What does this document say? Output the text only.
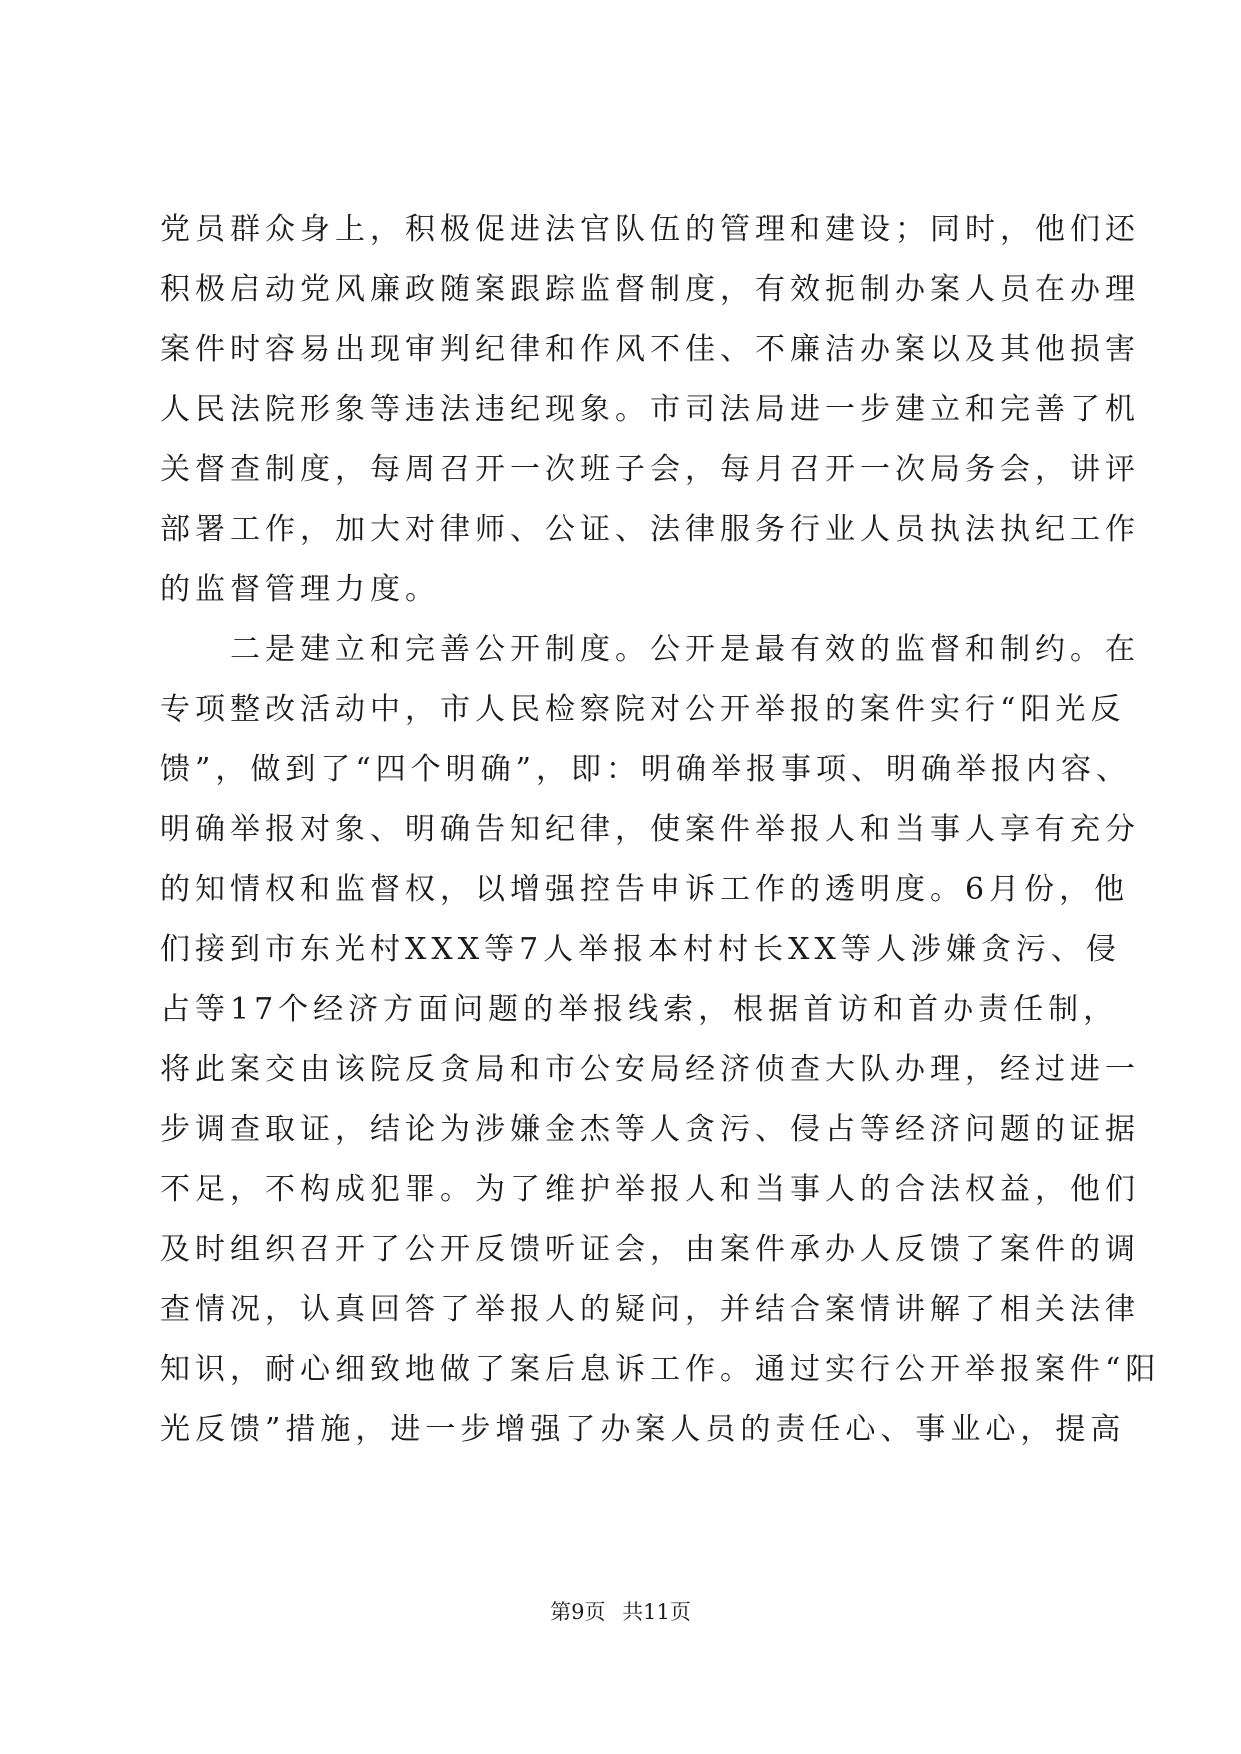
党员群众身上，积极促进法官队伍的管理和建设；同时，他们还
积极启动党风廉政随案跟踪监督制度，有效扼制办案人员在办理
案件时容易出现审判纪律和作风不佳、不廉洁办案以及其他损害
人民法院形象等违法违纪现象。市司法局进一步建立和完善了机
关督查制度，每周召开一次班子会，每月召开一次局务会，讲评
部署工作，加大对律师、公证、法律服务行业人员执法执纪工作
的监督管理力度。
　　二是建立和完善公开制度。公开是最有效的监督和制约。在
专项整改活动中，市人民检察院对公开举报的案件实行“阳光反
馈”，做到了“四个明确”，即：明确举报事项、明确举报内容、
明确举报对象、明确告知纪律，使案件举报人和当事人享有充分
的知情权和监督权，以增强控告申诉工作的透明度。6月份，他
们接到市东光村XXX等7人举报本村村长XX等人涉嫌贪污、侵
占等17个经济方面问题的举报线索，根据首访和首办责任制，
将此案交由该院反贪局和市公安局经济侦查大队办理，经过进一
步调查取证，结论为涉嫌金杰等人贪污、侵占等经济问题的证据
不足，不构成犯罪。为了维护举报人和当事人的合法权益，他们
及时组织召开了公开反馈听证会，由案件承办人反馈了案件的调
查情况，认真回答了举报人的疑问，并结合案情讲解了相关法律
知识，耐心细致地做了案后息诉工作。通过实行公开举报案件“阳
光反馈”措施，进一步增强了办案人员的责任心、事业心，提高
第9页 共11页
